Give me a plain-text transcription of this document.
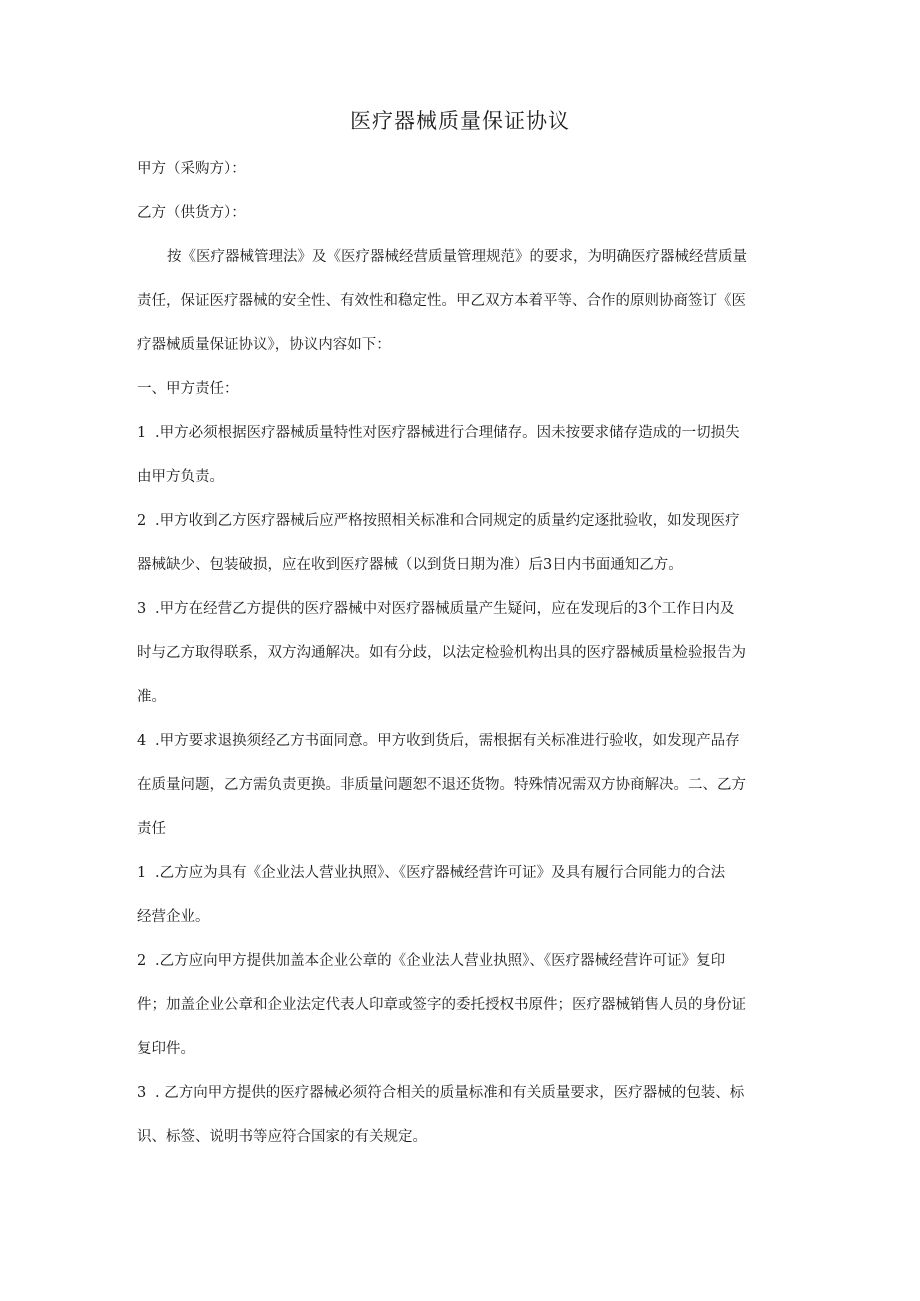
医疗器械质量保证协议
甲方（采购方）：
乙方（供货方）：
按《医疗器械管理法》及《医疗器械经营质量管理规范》的要求，为明确医疗器械经营质量
责任，保证医疗器械的安全性、有效性和稳定性。甲乙双方本着平等、合作的原则协商签订《医
疗器械质量保证协议》，协议内容如下：
一、甲方责任：
1 .甲方必须根据医疗器械质量特性对医疗器械进行合理储存。因未按要求储存造成的一切损失
由甲方负责。
2 .甲方收到乙方医疗器械后应严格按照相关标准和合同规定的质量约定逐批验收，如发现医疗
器械缺少、包装破损，应在收到医疗器械（以到货日期为准）后3日内书面通知乙方。
3 .甲方在经营乙方提供的医疗器械中对医疗器械质量产生疑问，应在发现后的3个工作日内及
时与乙方取得联系，双方沟通解决。如有分歧，以法定检验机构出具的医疗器械质量检验报告为
准。
4 .甲方要求退换须经乙方书面同意。甲方收到货后，需根据有关标准进行验收，如发现产品存
在质量问题，乙方需负责更换。非质量问题恕不退还货物。特殊情况需双方协商解决。二、乙方
责任
1 .乙方应为具有《企业法人营业执照》、《医疗器械经营许可证》及具有履行合同能力的合法
经营企业。
2 .乙方应向甲方提供加盖本企业公章的《企业法人营业执照》、《医疗器械经营许可证》复印
件；加盖企业公章和企业法定代表人印章或签字的委托授权书原件；医疗器械销售人员的身份证
复印件。
3 . 乙方向甲方提供的医疗器械必须符合相关的质量标准和有关质量要求，医疗器械的包装、标
识、标签、说明书等应符合国家的有关规定。
